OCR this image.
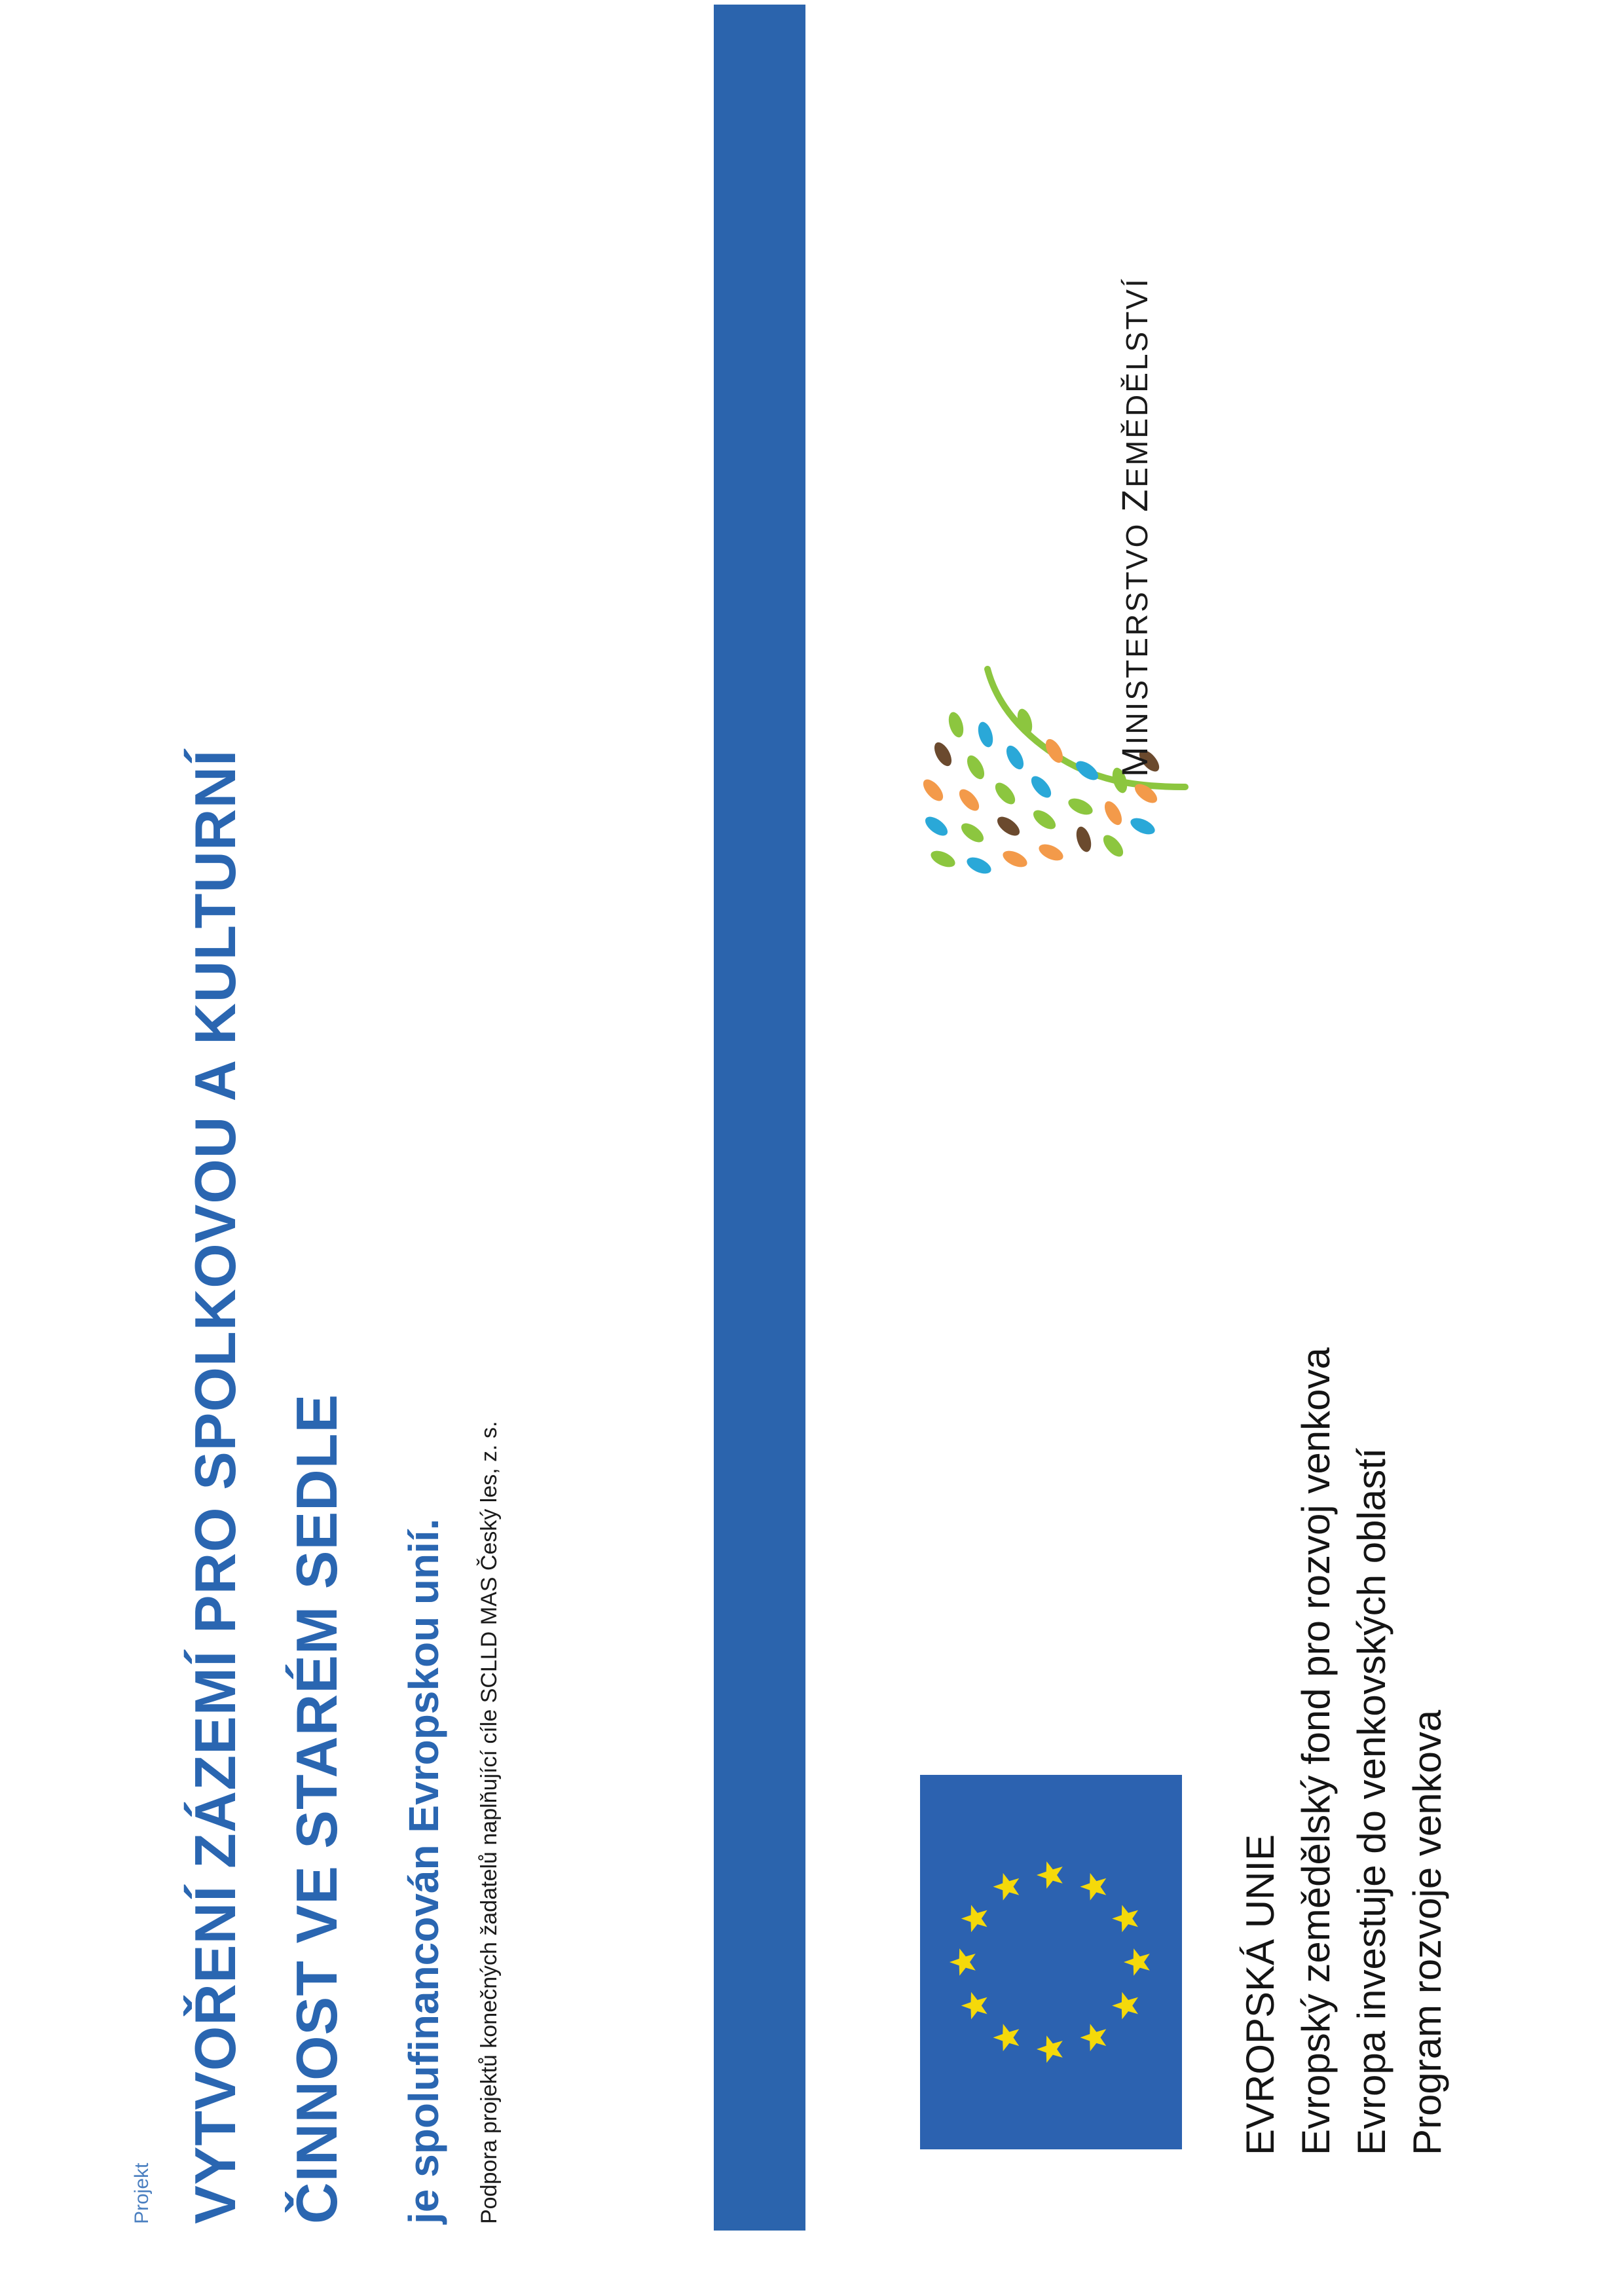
Projekt VYTVOŘENÍ ZÁZEMÍ PRO SPOLKOVOU A KULTURNÍ ČINNOST VE STARÉM SEDLE je spolufinancován Evropskou unií. Podpora projektů konečných žadatelů naplňující cíle SCLLD MAS Český les, z. s.	EVROPSKÁ UNIE Evropský zemědělský fond pro rozvoj venkova Evropa investuje do venkovských oblastí Program rozvoje venkova
MINISTERSTVO ZEMĚDĚLSTVÍ
